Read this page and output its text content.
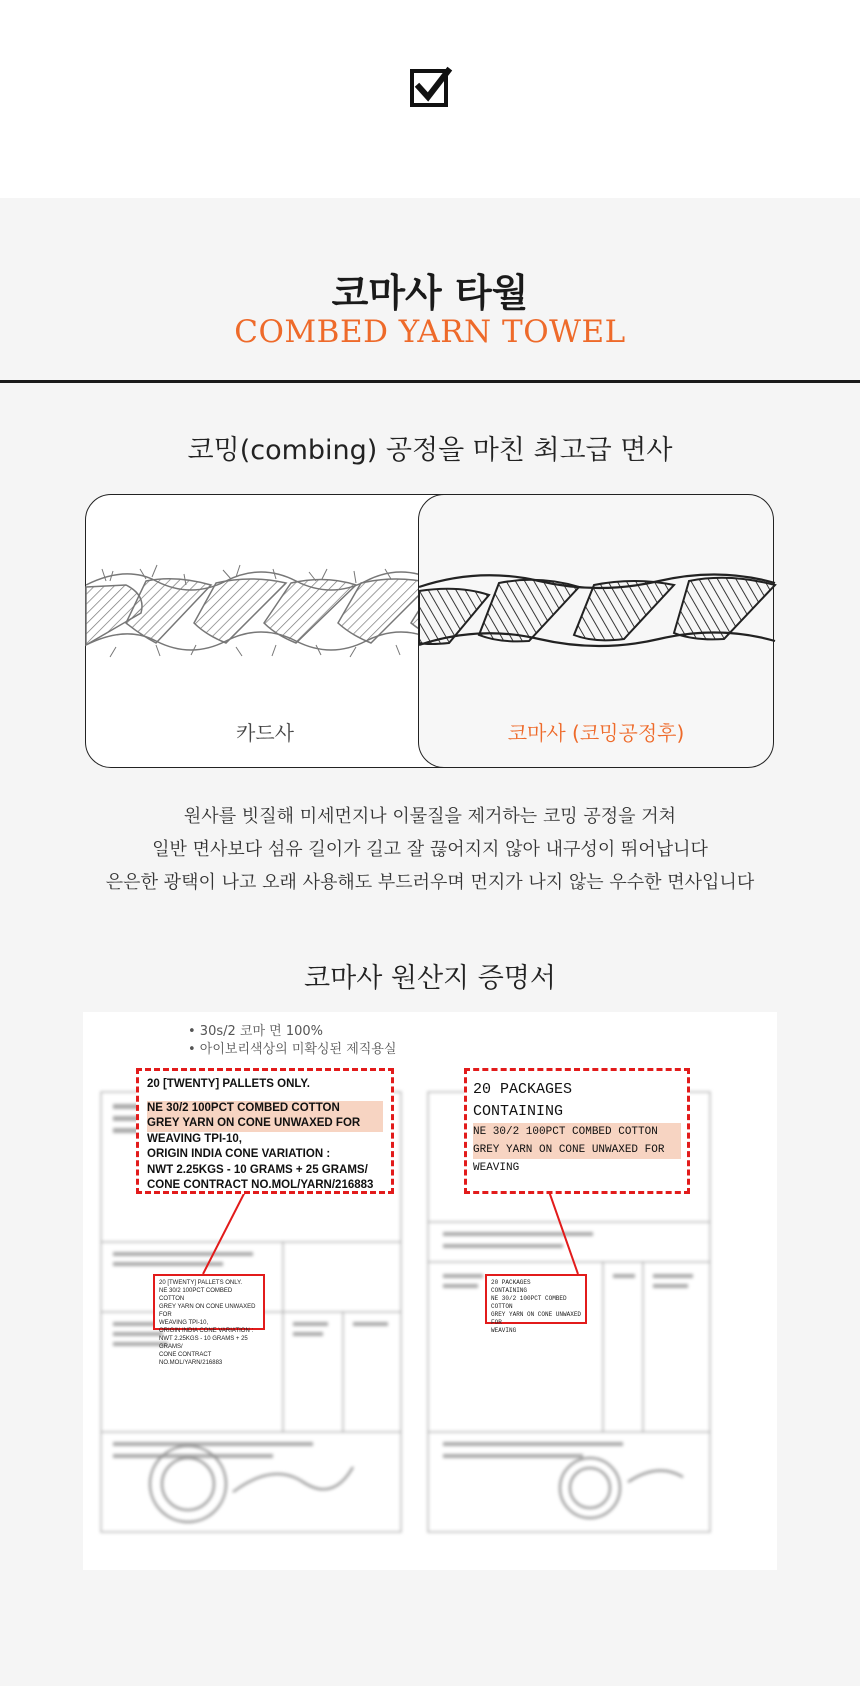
코마사 타월
COMBED YARN TOWEL
코밍(combing) 공정을 마친 최고급 면사
카드사	코마사 (코밍공정후)
원사를 빗질해 미세먼지나 이물질을 제거하는 코밍 공정을 거쳐
일반 면사보다 섬유 길이가 길고 잘 끊어지지 않아 내구성이 뛰어납니다
은은한 광택이 나고 오래 사용해도 부드러우며 먼지가 나지 않는 우수한 면사입니다
코마사 원산지 증명서
20 [TWENTY] PALLETS ONLY.
NE 30/2 100PCT COMBED COTTON
GREY YARN ON CONE UNWAXED FOR
WEAVING TPI-10,
ORIGIN INDIA CONE VARIATION :
NWT 2.25KGS - 10 GRAMS + 25 GRAMS/
CONE CONTRACT NO.MOL/YARN/216883
20 PACKAGES
CONTAINING
NE 30/2 100PCT COMBED COTTON
GREY YARN ON CONE UNWAXED FOR
WEAVING
• 30s/2 코마 면 100%
• 아이보리색상의 미확싱된 제직용실
20 [TWENTY] PALLETS ONLY.
NE 30/2 100PCT COMBED COTTON
GREY YARN ON CONE UNWAXED FOR
WEAVING TPI-10,
ORIGIN INDIA CONE VARIATION :
NWT 2.25KGS - 10 GRAMS + 25 GRAMS/
CONE CONTRACT NO.MOL/YARN/216883
20 PACKAGES
CONTAINING
NE 30/2 100PCT COMBED COTTON
GREY YARN ON CONE UNWAXED FOR
WEAVING
